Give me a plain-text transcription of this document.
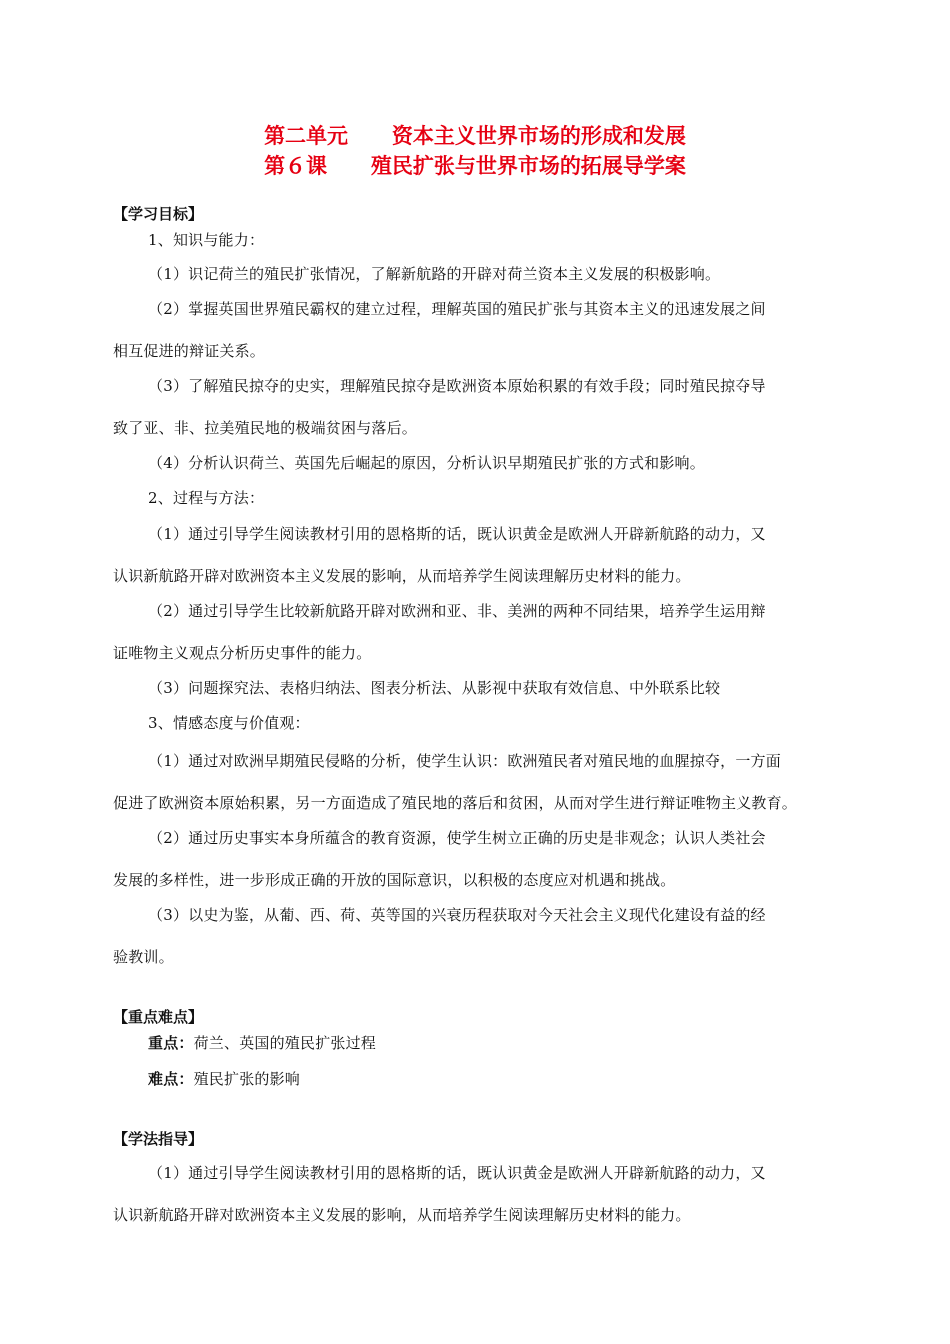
第二单元      资本主义世界市场的形成和发展
第６课      殖民扩张与世界市场的拓展导学案
【学习目标】
1、知识与能力：
（1）识记荷兰的殖民扩张情况，了解新航路的开辟对荷兰资本主义发展的积极影响。
（2）掌握英国世界殖民霸权的建立过程，理解英国的殖民扩张与其资本主义的迅速发展之间
相互促进的辩证关系。
（3）了解殖民掠夺的史实，理解殖民掠夺是欧洲资本原始积累的有效手段；同时殖民掠夺导
致了亚、非、拉美殖民地的极端贫困与落后。
（4）分析认识荷兰、英国先后崛起的原因，分析认识早期殖民扩张的方式和影响。
2、过程与方法：
（1）通过引导学生阅读教材引用的恩格斯的话，既认识黄金是欧洲人开辟新航路的动力，又
认识新航路开辟对欧洲资本主义发展的影响，从而培养学生阅读理解历史材料的能力。
（2）通过引导学生比较新航路开辟对欧洲和亚、非、美洲的两种不同结果，培养学生运用辩
证唯物主义观点分析历史事件的能力。
（3）问题探究法、表格归纳法、图表分析法、从影视中获取有效信息、中外联系比较
3、情感态度与价值观：
（1）通过对欧洲早期殖民侵略的分析，使学生认识：欧洲殖民者对殖民地的血腥掠夺，一方面
促进了欧洲资本原始积累，另一方面造成了殖民地的落后和贫困，从而对学生进行辩证唯物主义教育。
（2）通过历史事实本身所蕴含的教育资源，使学生树立正确的历史是非观念；认识人类社会
发展的多样性，进一步形成正确的开放的国际意识，以积极的态度应对机遇和挑战。
（3）以史为鉴，从葡、西、荷、英等国的兴衰历程获取对今天社会主义现代化建设有益的经
验教训。
【重点难点】
重点：荷兰、英国的殖民扩张过程
难点：殖民扩张的影响
【学法指导】
（1）通过引导学生阅读教材引用的恩格斯的话，既认识黄金是欧洲人开辟新航路的动力，又
认识新航路开辟对欧洲资本主义发展的影响，从而培养学生阅读理解历史材料的能力。
